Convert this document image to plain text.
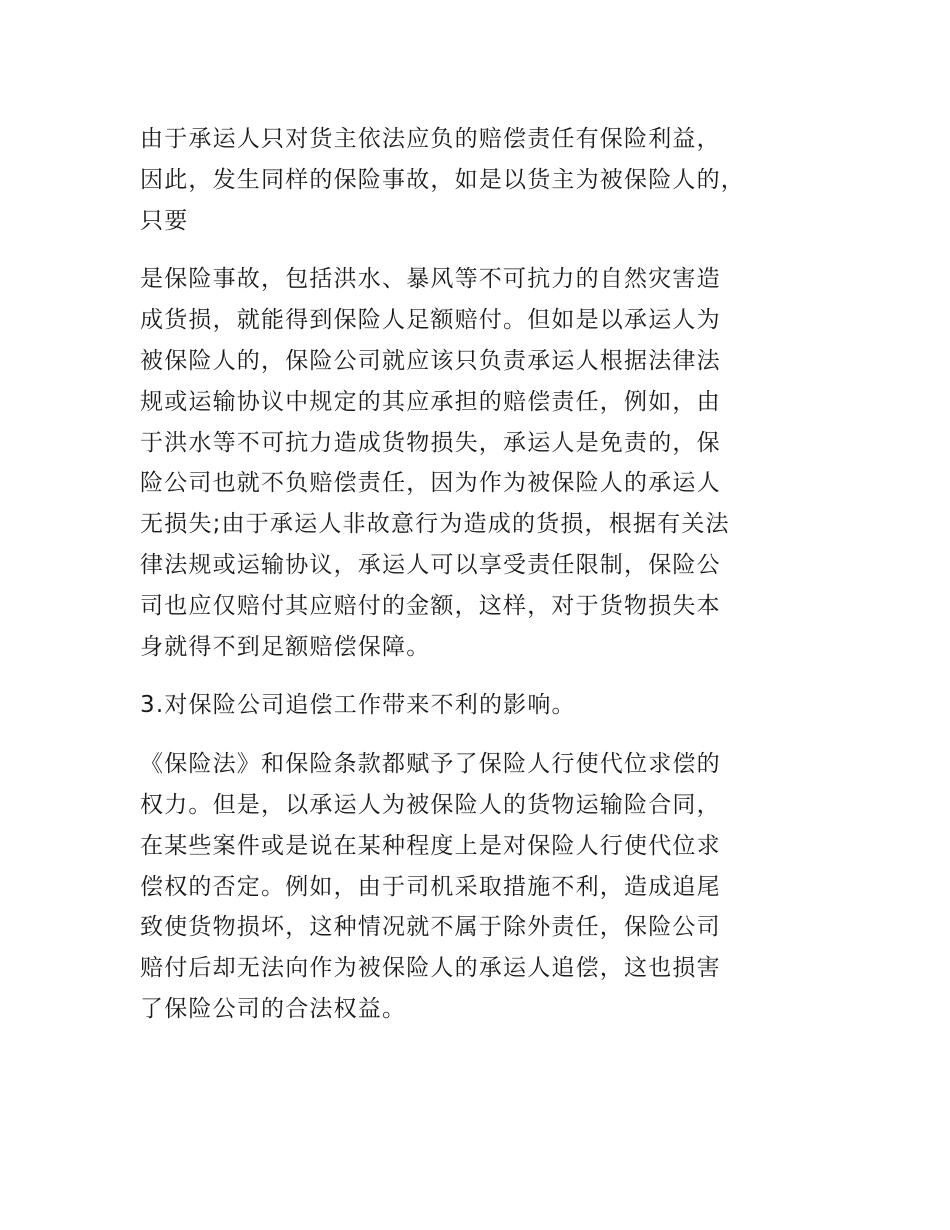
由于承运人只对货主依法应负的赔偿责任有保险利益，
因此，发生同样的保险事故，如是以货主为被保险人的，
只要

是保险事故，包括洪水、暴风等不可抗力的自然灾害造
成货损，就能得到保险人足额赔付。但如是以承运人为
被保险人的，保险公司就应该只负责承运人根据法律法
规或运输协议中规定的其应承担的赔偿责任，例如，由
于洪水等不可抗力造成货物损失，承运人是免责的，保
险公司也就不负赔偿责任，因为作为被保险人的承运人
无损失;由于承运人非故意行为造成的货损，根据有关法
律法规或运输协议，承运人可以享受责任限制，保险公
司也应仅赔付其应赔付的金额，这样，对于货物损失本
身就得不到足额赔偿保障。

3.对保险公司追偿工作带来不利的影响。

《保险法》和保险条款都赋予了保险人行使代位求偿的
权力。但是，以承运人为被保险人的货物运输险合同，
在某些案件或是说在某种程度上是对保险人行使代位求
偿权的否定。例如，由于司机采取措施不利，造成追尾
致使货物损坏，这种情况就不属于除外责任，保险公司
赔付后却无法向作为被保险人的承运人追偿，这也损害
了保险公司的合法权益。
